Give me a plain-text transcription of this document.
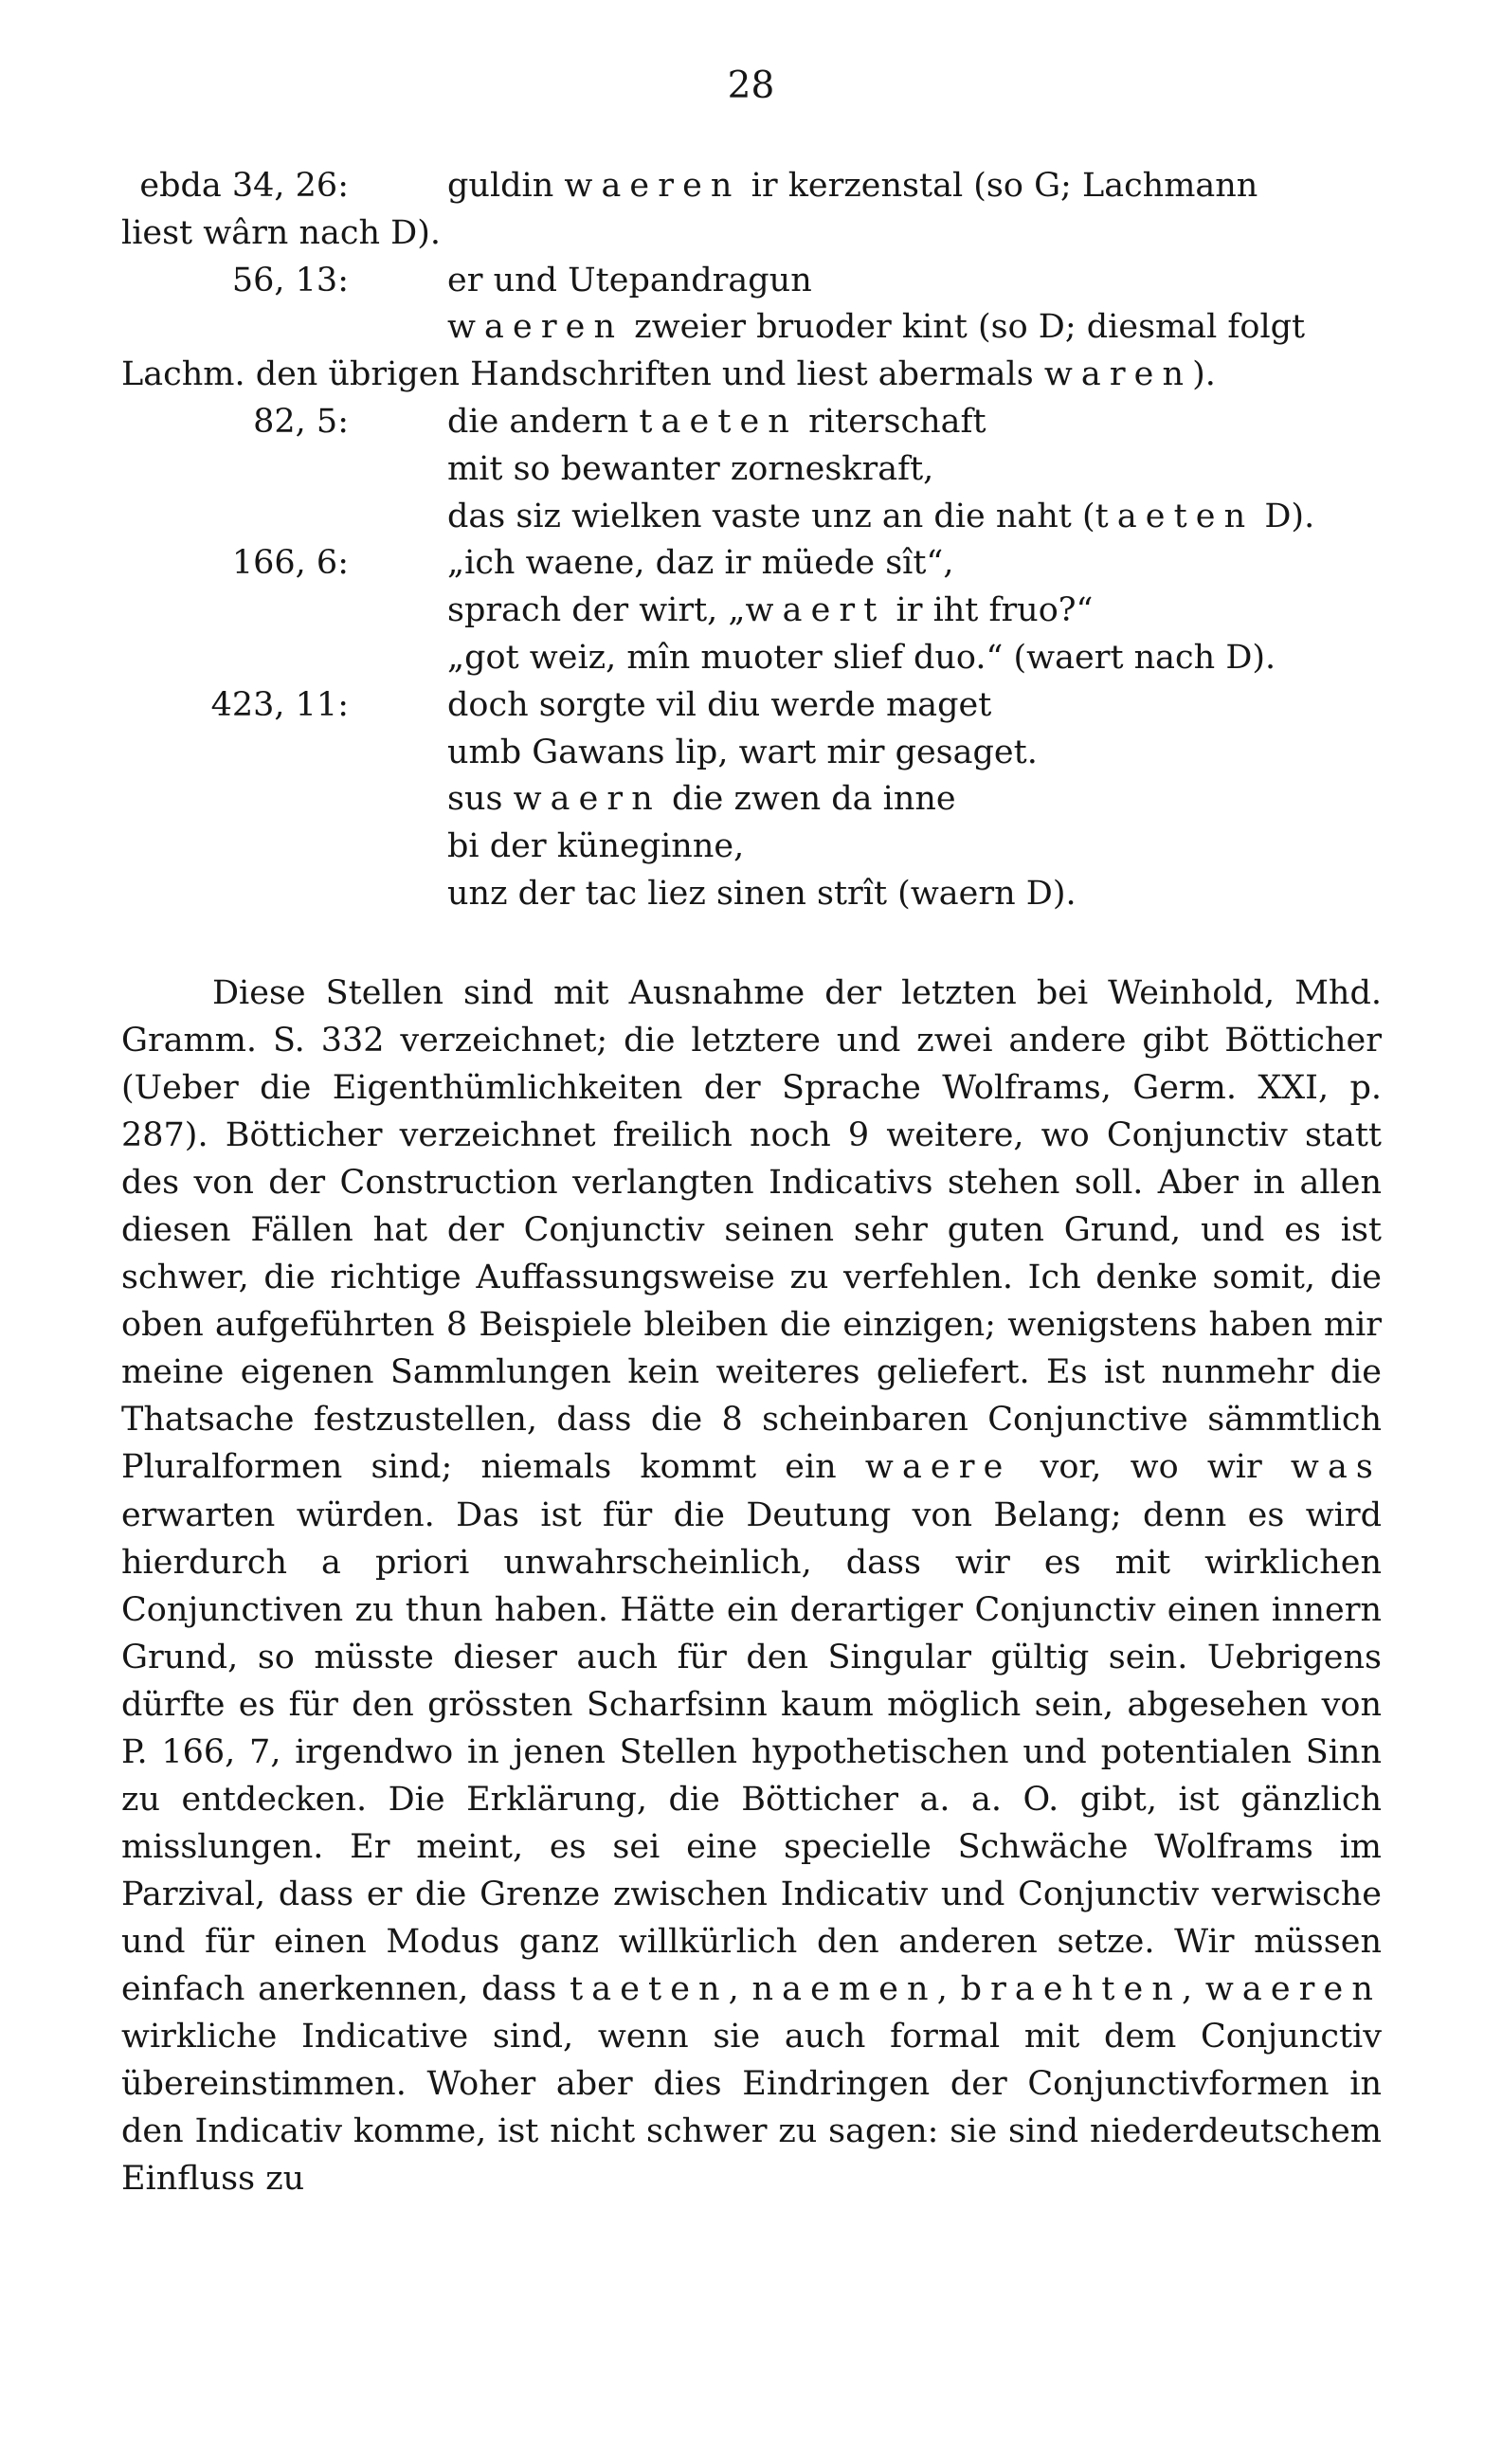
28
ebda 34, 26:	guldin waeren ir kerzenstal (so G; Lachmann
liest wârn nach D).
56, 13:	er und Utepandragun
waeren zweier bruoder kint (so D; diesmal folgt
Lachm. den übrigen Handschriften und liest abermals waren).
82, 5:	die andern taeten riterschaft
mit so bewanter zorneskraft,
das siz wielken vaste unz an die naht (taeten D).
166, 6:	„ich waene, daz ir müede sît“,
sprach der wirt, „waert ir iht fruo?“
„got weiz, mîn muoter slief duo.“ (waert nach D).
423, 11:	doch sorgte vil diu werde maget
umb Gawans lip, wart mir gesaget.
sus waern die zwen da inne
bi der küneginne,
unz der tac liez sinen strît (waern D).

Diese Stellen sind mit Ausnahme der letzten bei Weinhold, Mhd. Gramm. S. 332 verzeichnet; die letztere und zwei andere gibt Bötticher (Ueber die Eigenthümlichkeiten der Sprache Wolframs, Germ. XXI, p. 287). Bötticher verzeichnet freilich noch 9 weitere, wo Conjunctiv statt des von der Construction verlangten Indicativs stehen soll. Aber in allen diesen Fällen hat der Conjunctiv seinen sehr guten Grund, und es ist schwer, die richtige Auffassungsweise zu verfehlen. Ich denke somit, die oben aufgeführten 8 Beispiele bleiben die einzigen; wenigstens haben mir meine eigenen Sammlungen kein weiteres geliefert. Es ist nunmehr die Thatsache festzustellen, dass die 8 scheinbaren Conjunctive sämmtlich Pluralformen sind; niemals kommt ein waere vor, wo wir was erwarten würden. Das ist für die Deutung von Belang; denn es wird hierdurch a priori unwahrscheinlich, dass wir es mit wirklichen Conjunctiven zu thun haben. Hätte ein derartiger Conjunctiv einen innern Grund, so müsste dieser auch für den Singular gültig sein. Uebrigens dürfte es für den grössten Scharfsinn kaum möglich sein, abgesehen von P. 166, 7, irgendwo in jenen Stellen hypothetischen und potentialen Sinn zu entdecken. Die Erklärung, die Bötticher a. a. O. gibt, ist gänzlich misslungen. Er meint, es sei eine specielle Schwäche Wolframs im Parzival, dass er die Grenze zwischen Indicativ und Conjunctiv verwische und für einen Modus ganz willkürlich den anderen setze. Wir müssen einfach anerkennen, dass taeten, naemen, braehten, waeren wirkliche Indicative sind, wenn sie auch formal mit dem Conjunctiv übereinstimmen. Woher aber dies Eindringen der Conjunctivformen in den Indicativ komme, ist nicht schwer zu sagen: sie sind niederdeutschem Einfluss zu
